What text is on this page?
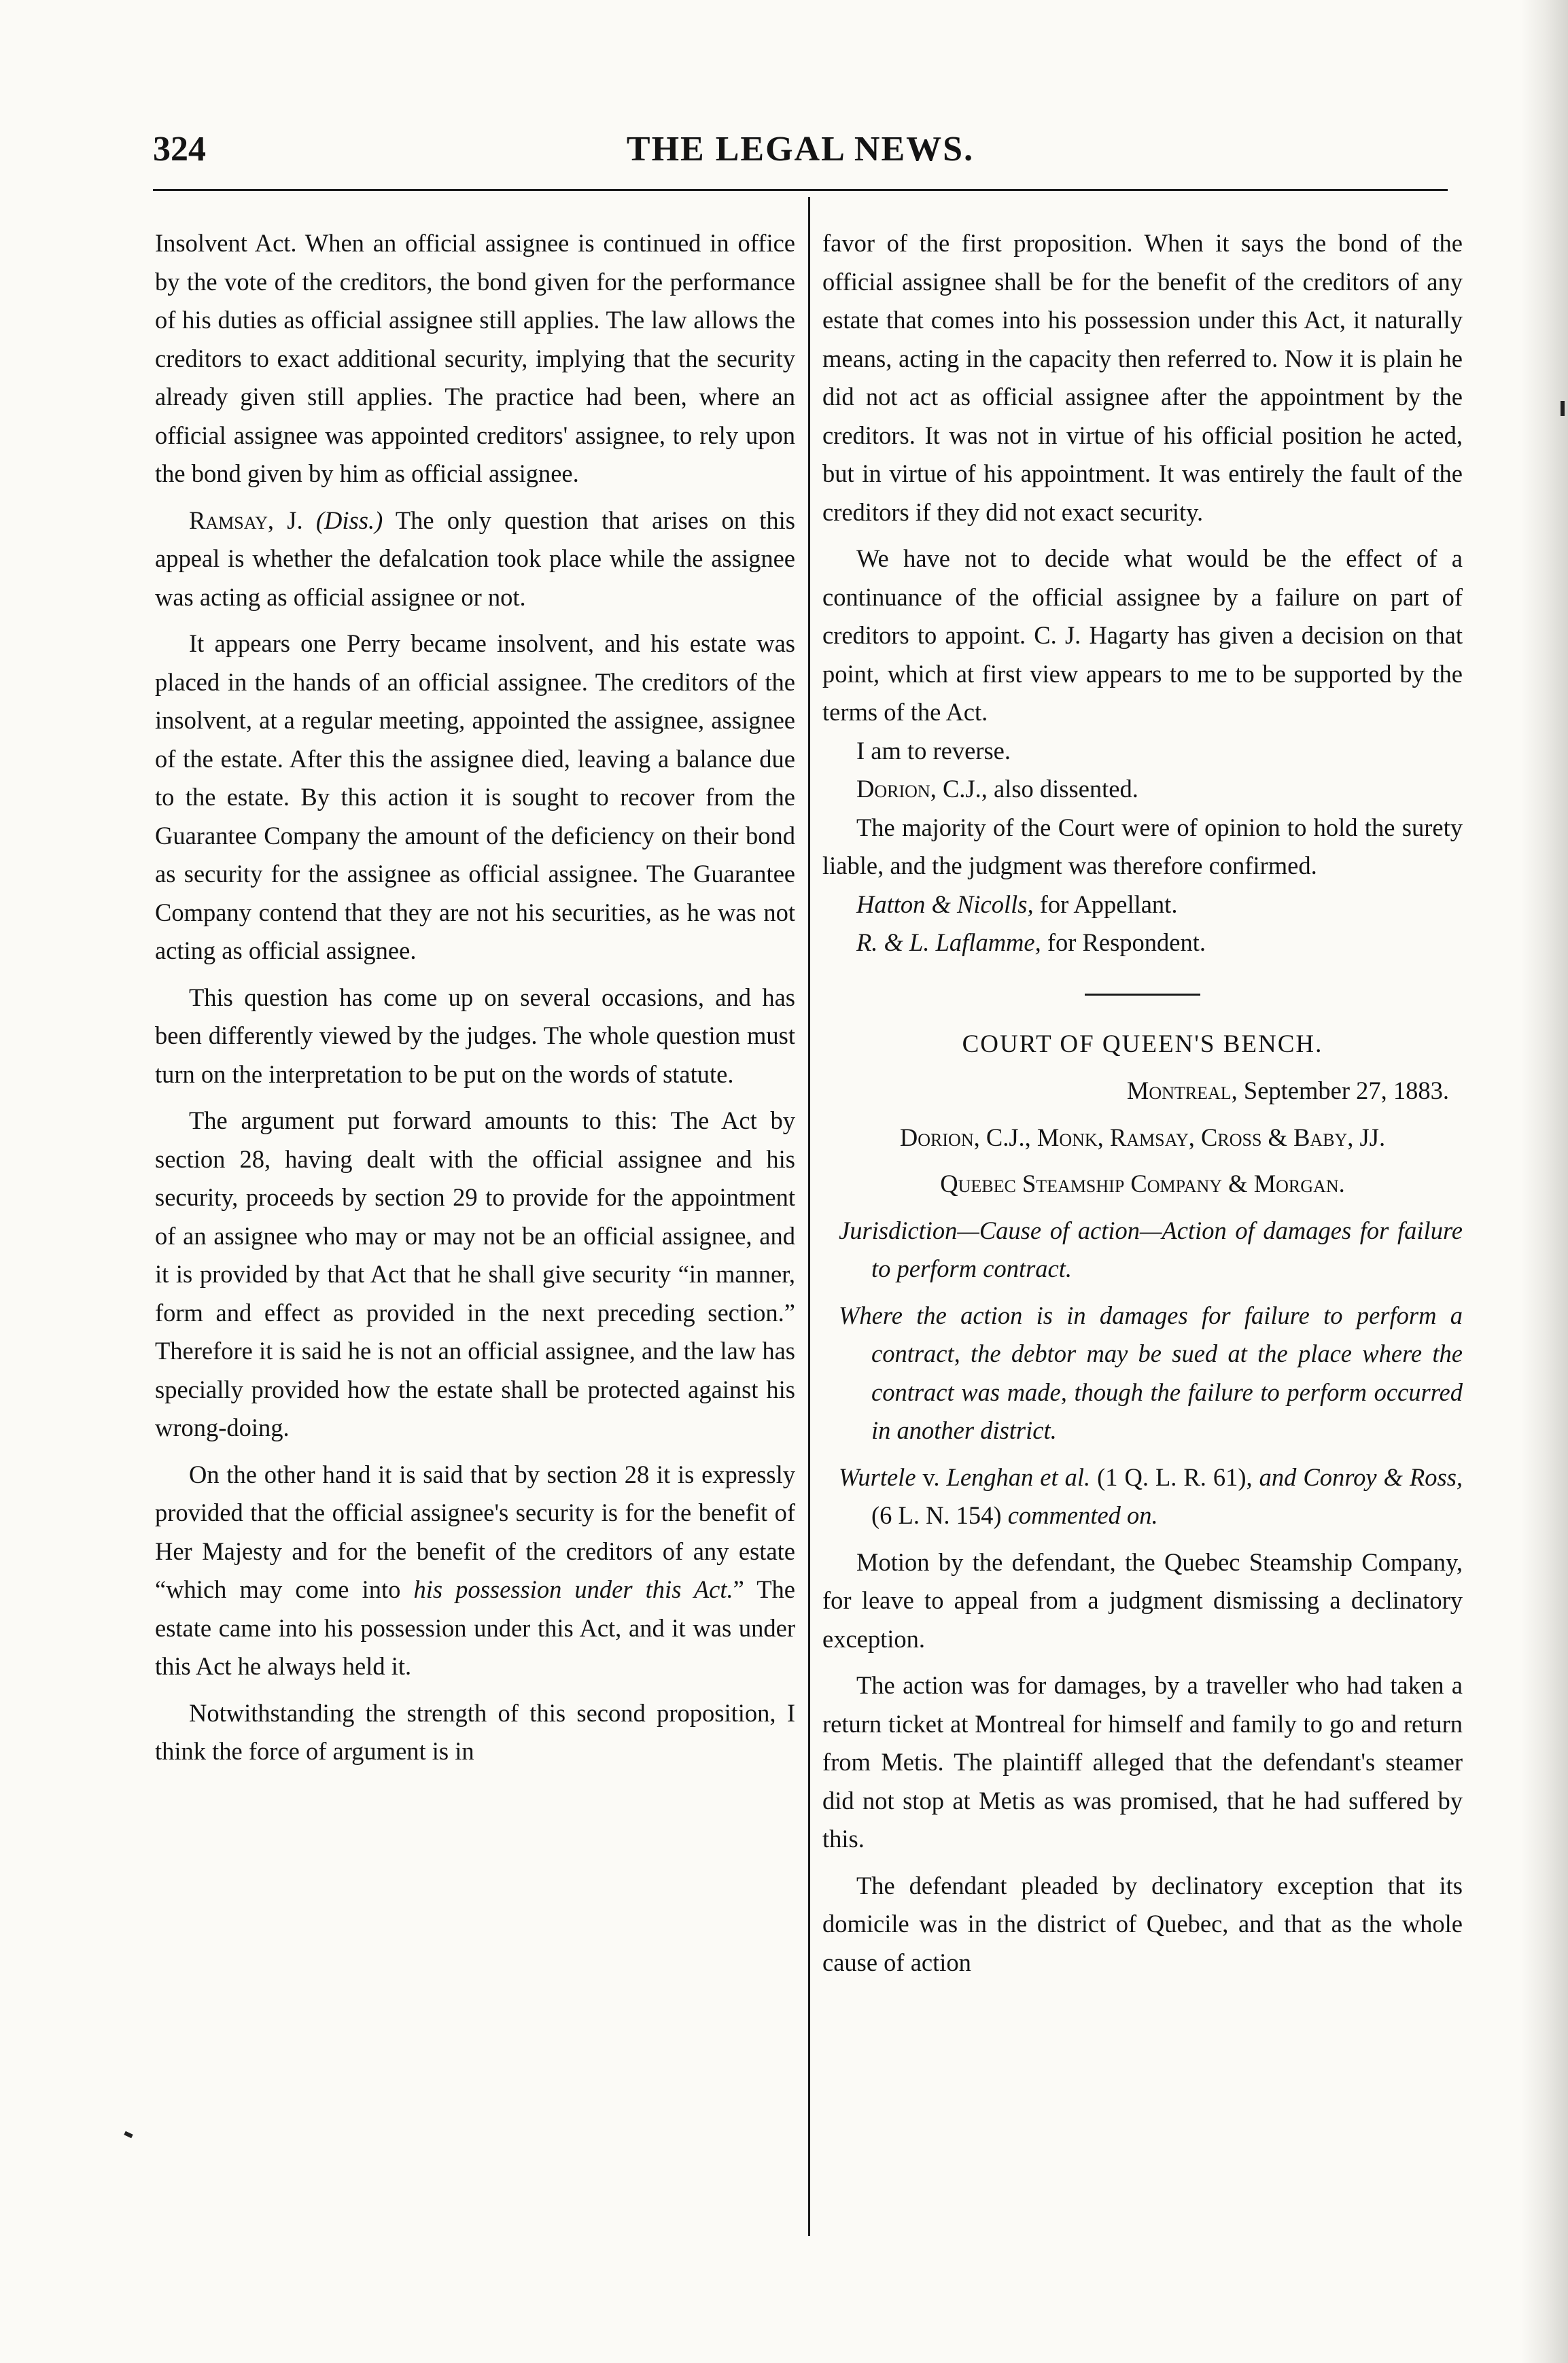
324	THE LEGAL NEWS.

Insolvent Act. When an official assignee is continued in office by the vote of the creditors, the bond given for the performance of his duties as official assignee still applies. The law allows the creditors to exact additional security, implying that the security already given still applies. The practice had been, where an official assignee was appointed creditors' assignee, to rely upon the bond given by him as official assignee.

Ramsay, J. (Diss.) The only question that arises on this appeal is whether the defalcation took place while the assignee was acting as official assignee or not.

It appears one Perry became insolvent, and his estate was placed in the hands of an official assignee. The creditors of the insolvent, at a regular meeting, appointed the assignee, assignee of the estate. After this the assignee died, leaving a balance due to the estate. By this action it is sought to recover from the Guarantee Company the amount of the deficiency on their bond as security for the assignee as official assignee. The Guarantee Company contend that they are not his securities, as he was not acting as official assignee.

This question has come up on several occasions, and has been differently viewed by the judges. The whole question must turn on the interpretation to be put on the words of statute.

The argument put forward amounts to this: The Act by section 28, having dealt with the official assignee and his security, proceeds by section 29 to provide for the appointment of an assignee who may or may not be an official assignee, and it is provided by that Act that he shall give security “in manner, form and effect as provided in the next preceding section.” Therefore it is said he is not an official assignee, and the law has specially provided how the estate shall be protected against his wrong-doing.

On the other hand it is said that by section 28 it is expressly provided that the official assignee's security is for the benefit of Her Majesty and for the benefit of the creditors of any estate “which may come into his possession under this Act.” The estate came into his possession under this Act, and it was under this Act he always held it.

Notwithstanding the strength of this second proposition, I think the force of argument is in

favor of the first proposition. When it says the bond of the official assignee shall be for the benefit of the creditors of any estate that comes into his possession under this Act, it naturally means, acting in the capacity then referred to. Now it is plain he did not act as official assignee after the appointment by the creditors. It was not in virtue of his official position he acted, but in virtue of his appointment. It was entirely the fault of the creditors if they did not exact security.

We have not to decide what would be the effect of a continuance of the official assignee by a failure on part of creditors to appoint. C. J. Hagarty has given a decision on that point, which at first view appears to me to be supported by the terms of the Act.

I am to reverse.

Dorion, C.J., also dissented.

The majority of the Court were of opinion to hold the surety liable, and the judgment was therefore confirmed.

Hatton & Nicolls, for Appellant.

R. & L. Laflamme, for Respondent.

COURT OF QUEEN'S BENCH.

Montreal, September 27, 1883.

Dorion, C.J., Monk, Ramsay, Cross & Baby, JJ.

Quebec Steamship Company & Morgan.

Jurisdiction—Cause of action—Action of damages for failure to perform contract.

Where the action is in damages for failure to perform a contract, the debtor may be sued at the place where the contract was made, though the failure to perform occurred in another district.

Wurtele v. Lenghan et al. (1 Q. L. R. 61), and Conroy & Ross, (6 L. N. 154) commented on.

Motion by the defendant, the Quebec Steamship Company, for leave to appeal from a judgment dismissing a declinatory exception.

The action was for damages, by a traveller who had taken a return ticket at Montreal for himself and family to go and return from Metis. The plaintiff alleged that the defendant's steamer did not stop at Metis as was promised, that he had suffered by this.

The defendant pleaded by declinatory exception that its domicile was in the district of Quebec, and that as the whole cause of action
